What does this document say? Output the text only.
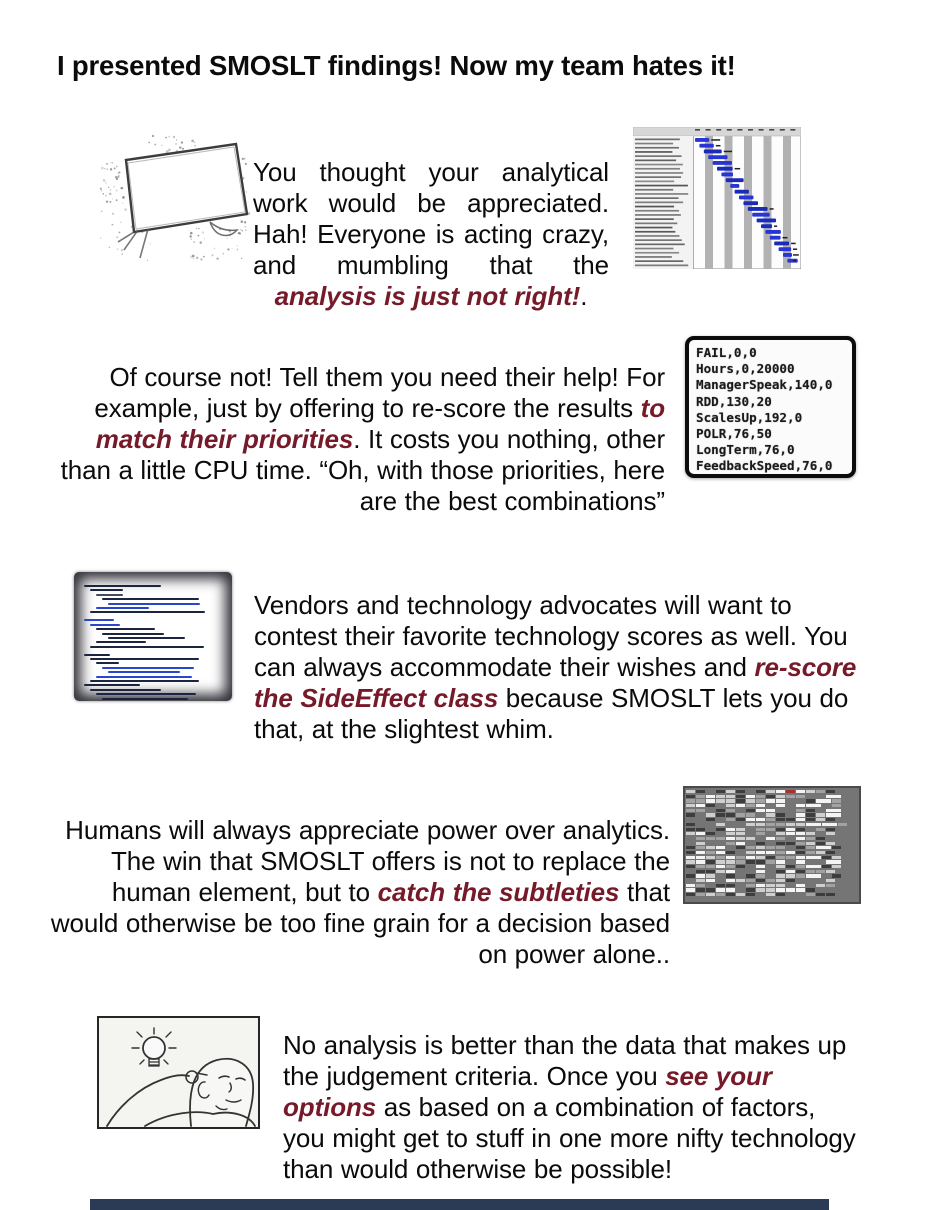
I presented SMOSLT findings! Now my team hates it!

You thought your analytical work would be appreciated. Hah! Everyone is acting crazy, and mumbling that the analysis is just not right!.

Of course not! Tell them you need their help! For example, just by offering to re-score the results to match their priorities. It costs you nothing, other than a little CPU time. “Oh, with those priorities, here are the best combinations”

FAIL,0,0
Hours,0,20000
ManagerSpeak,140,0
RDD,130,20
ScalesUp,192,0
POLR,76,50
LongTerm,76,0
FeedbackSpeed,76,0

Vendors and technology advocates will want to contest their favorite technology scores as well. You can always accommodate their wishes and re-score the SideEffect class because SMOSLT lets you do that, at the slightest whim.

Humans will always appreciate power over analytics. The win that SMOSLT offers is not to replace the human element, but to catch the subtleties that would otherwise be too fine grain for a decision based on power alone..

No analysis is better than the data that makes up the judgement criteria. Once you see your options as based on a combination of factors, you might get to stuff in one more nifty technology than would otherwise be possible!
